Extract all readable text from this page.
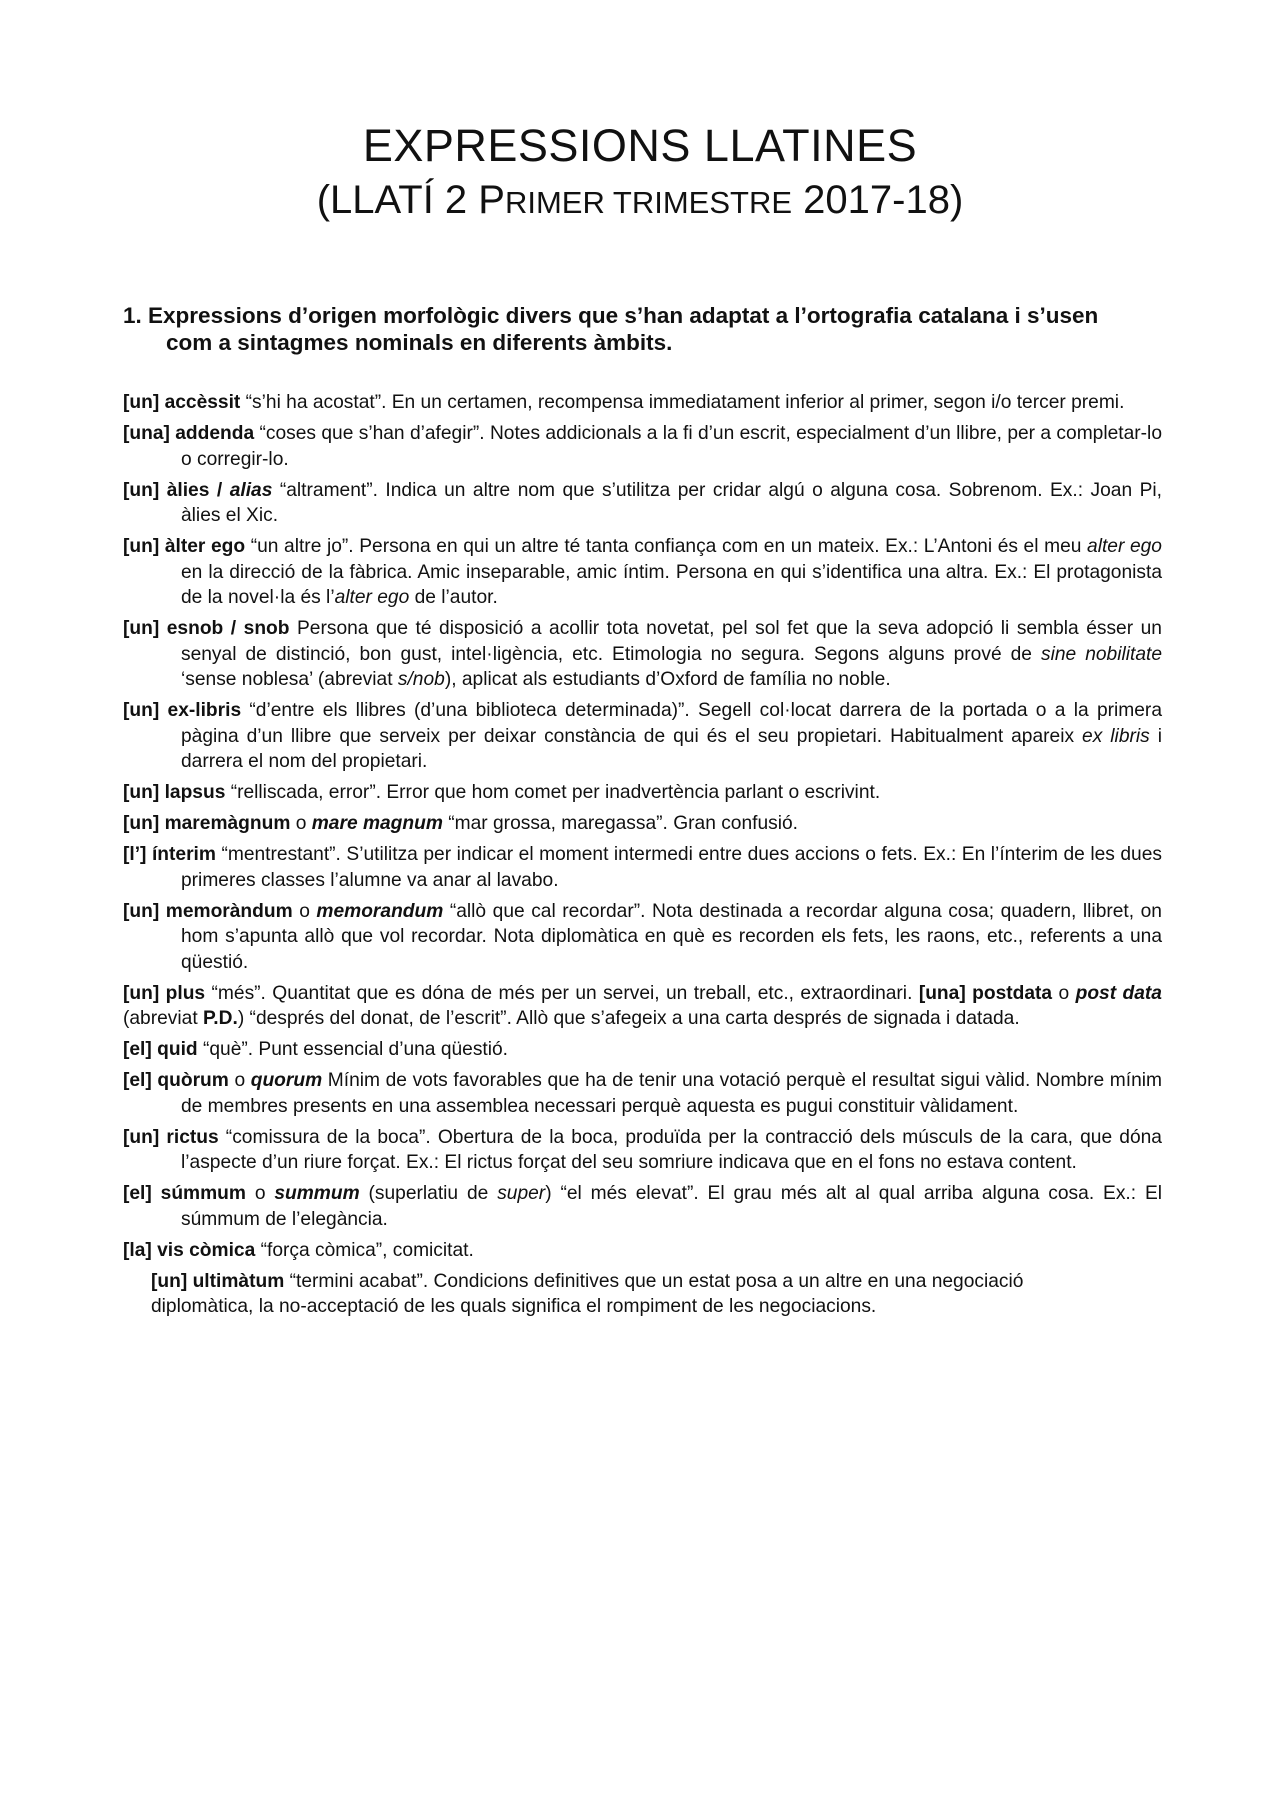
EXPRESSIONS LLATINES
(LLATÍ 2 PRIMER TRIMESTRE 2017-18)
1. Expressions d’origen morfològic divers que s’han adaptat a l’ortografia catalana i s’usen
com a sintagmes nominals en diferents àmbits.

[un] accèssit “s’hi ha acostat”. En un certamen, recompensa immediatament inferior al primer, segon i/o tercer premi.

[una] addenda “coses que s’han d’afegir”. Notes addicionals a la fi d’un escrit, especialment d’un llibre, per a completar-lo o corregir-lo.

[un] àlies / alias “altrament”. Indica un altre nom que s’utilitza per cridar algú o alguna cosa. Sobrenom. Ex.: Joan Pi, àlies el Xic.

[un] àlter ego “un altre jo”. Persona en qui un altre té tanta confiança com en un mateix. Ex.: L’Antoni és el meu alter ego en la direcció de la fàbrica. Amic inseparable, amic íntim. Persona en qui s’identifica una altra. Ex.: El protagonista de la novel·la és l’alter ego de l’autor.

[un] esnob / snob Persona que té disposició a acollir tota novetat, pel sol fet que la seva adopció li sembla ésser un senyal de distinció, bon gust, intel·ligència, etc. Etimologia no segura. Segons alguns prové de sine nobilitate ‘sense noblesa’ (abreviat s/nob), aplicat als estudiants d’Oxford de família no noble.

[un] ex-libris “d’entre els llibres (d’una biblioteca determinada)”. Segell col·locat darrera de la portada o a la primera pàgina d’un llibre que serveix per deixar constància de qui és el seu propietari. Habitualment apareix ex libris i darrera el nom del propietari.

[un] lapsus “relliscada, error”. Error que hom comet per inadvertència parlant o escrivint.

[un] maremàgnum o mare magnum “mar grossa, maregassa”. Gran confusió.

[l’] ínterim “mentrestant”. S’utilitza per indicar el moment intermedi entre dues accions o fets. Ex.: En l’ínterim de les dues primeres classes l’alumne va anar al lavabo.

[un] memoràndum o memorandum “allò que cal recordar”. Nota destinada a recordar alguna cosa; quadern, llibret, on hom s’apunta allò que vol recordar. Nota diplomàtica en què es recorden els fets, les raons, etc., referents a una qüestió.

[un] plus “més”. Quantitat que es dóna de més per un servei, un treball, etc., extraordinari. [una] postdata o post data (abreviat P.D.) “després del donat, de l’escrit”. Allò que s’afegeix a una carta després de signada i datada.

[el] quid “què”. Punt essencial d’una qüestió.

[el] quòrum o quorum Mínim de vots favorables que ha de tenir una votació perquè el resultat sigui vàlid. Nombre mínim de membres presents en una assemblea necessari perquè aquesta es pugui constituir vàlidament.

[un] rictus “comissura de la boca”. Obertura de la boca, produïda per la contracció dels músculs de la cara, que dóna l’aspecte d’un riure forçat. Ex.: El rictus forçat del seu somriure indicava que en el fons no estava content.

[el] súmmum o summum (superlatiu de super) “el més elevat”. El grau més alt al qual arriba alguna cosa. Ex.: El súmmum de l’elegància.

[la] vis còmica “força còmica”, comicitat.

[un] ultimàtum “termini acabat”. Condicions definitives que un estat posa a un altre en una negociació
diplomàtica, la no-acceptació de les quals significa el rompiment de les negociacions.
